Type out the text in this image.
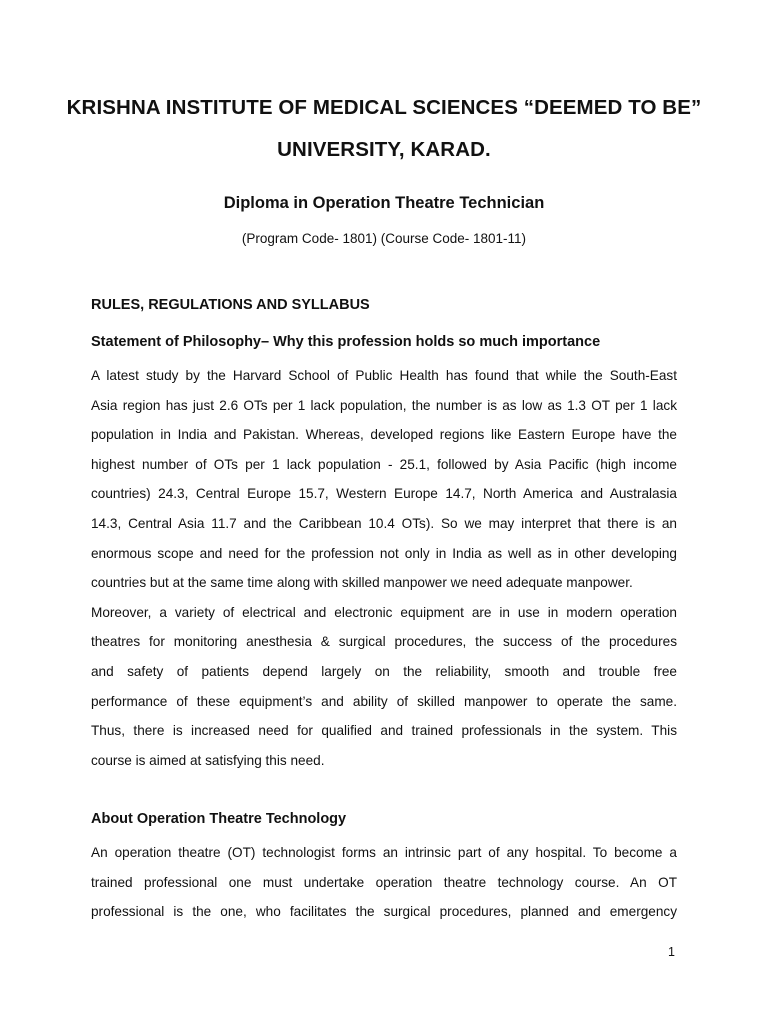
KRISHNA INSTITUTE OF MEDICAL SCIENCES “DEEMED TO BE”
UNIVERSITY, KARAD.
Diploma in Operation Theatre Technician
(Program Code- 1801) (Course Code- 1801-11)
RULES, REGULATIONS AND SYLLABUS
Statement of Philosophy– Why this profession holds so much importance
A latest study by the Harvard School of Public Health has found that while the South-East
Asia region has just 2.6 OTs per 1 lack population, the number is as low as 1.3 OT per 1 lack
population in India and Pakistan. Whereas, developed regions like Eastern Europe have the
highest number of OTs per 1 lack population - 25.1, followed by Asia Pacific (high income
countries) 24.3, Central Europe 15.7, Western Europe 14.7, North America and Australasia
14.3, Central Asia 11.7 and the Caribbean 10.4 OTs). So we may interpret that there is an
enormous scope and need for the profession not only in India as well as in other developing
countries but at the same time along with skilled manpower we need adequate manpower.
Moreover, a variety of electrical and electronic equipment are in use in modern operation
theatres for monitoring anesthesia & surgical procedures, the success of the procedures
and safety of patients depend largely on the reliability, smooth and trouble free
performance of these equipment’s and ability of skilled manpower to operate the same.
Thus, there is increased need for qualified and trained professionals in the system. This
course is aimed at satisfying this need.
About Operation Theatre Technology
An operation theatre (OT) technologist forms an intrinsic part of any hospital. To become a
trained professional one must undertake operation theatre technology course. An OT
professional is the one, who facilitates the surgical procedures, planned and emergency
1
